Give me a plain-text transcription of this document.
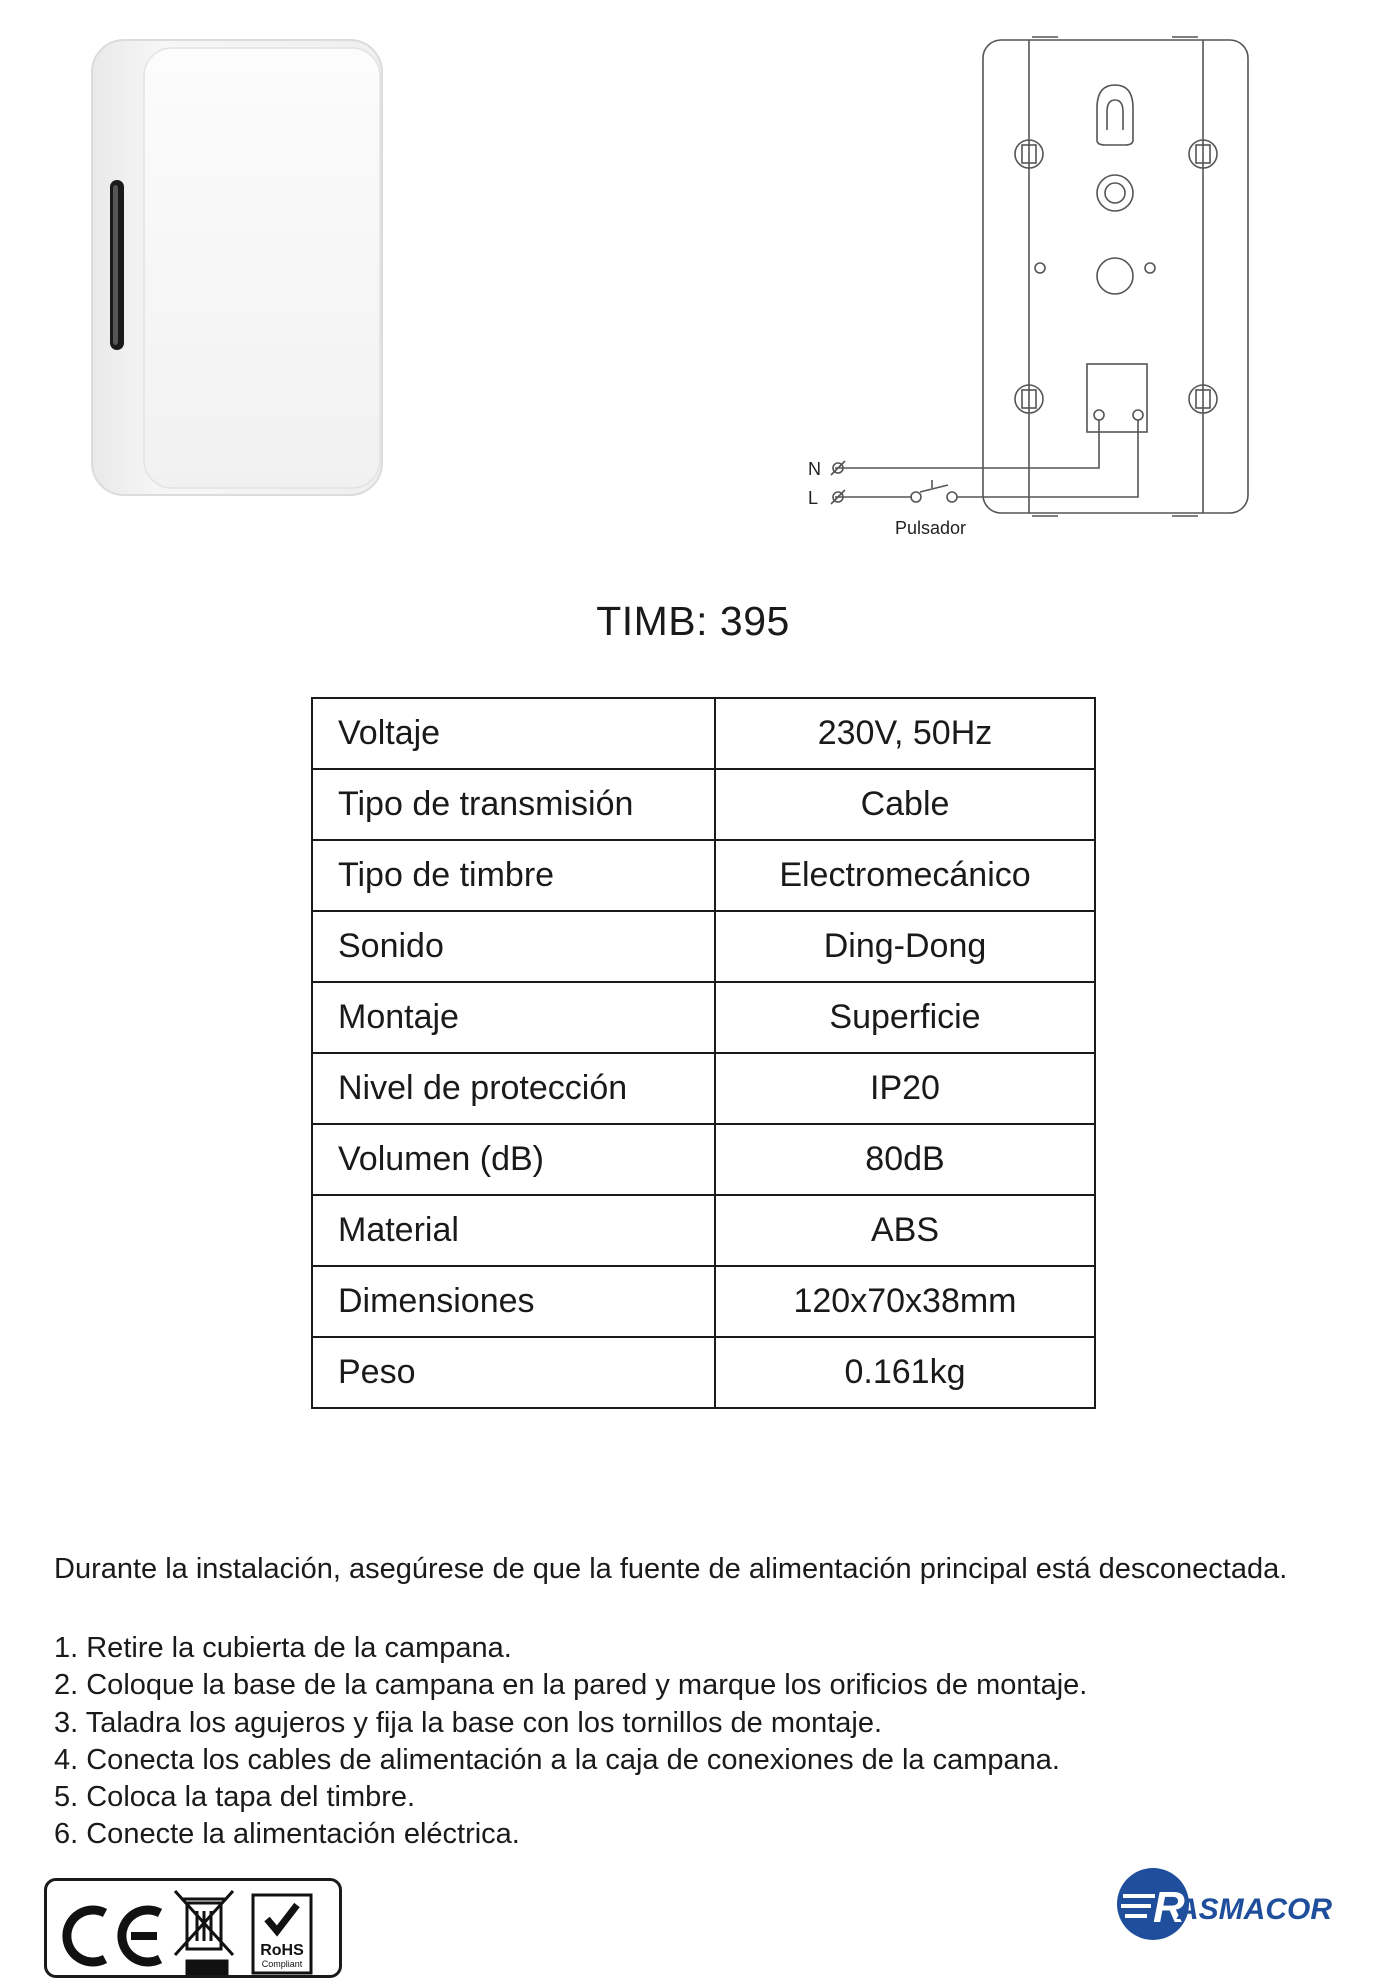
N
L
Pulsador
TIMB: 395
Voltaje	230V, 50Hz
Tipo de transmisión	Cable
Tipo de timbre	Electromecánico
Sonido	Ding-Dong
Montaje	Superficie
Nivel de protección	IP20
Volumen (dB)	80dB
Material	ABS
Dimensiones	120x70x38mm
Peso	0.161kg
Durante la instalación, asegúrese de que la fuente de alimentación principal está desconectada.
1. Retire la cubierta de la campana.
2. Coloque la base de la campana en la pared y marque los orificios de montaje.
3. Taladra los agujeros y fija la base con los tornillos de montaje.
4. Conecta los cables de alimentación a la caja de conexiones de la campana.
5. Coloca la tapa del timbre.
6. Conecte la alimentación eléctrica.
RoHS
Compliant
R
ASMACOR
